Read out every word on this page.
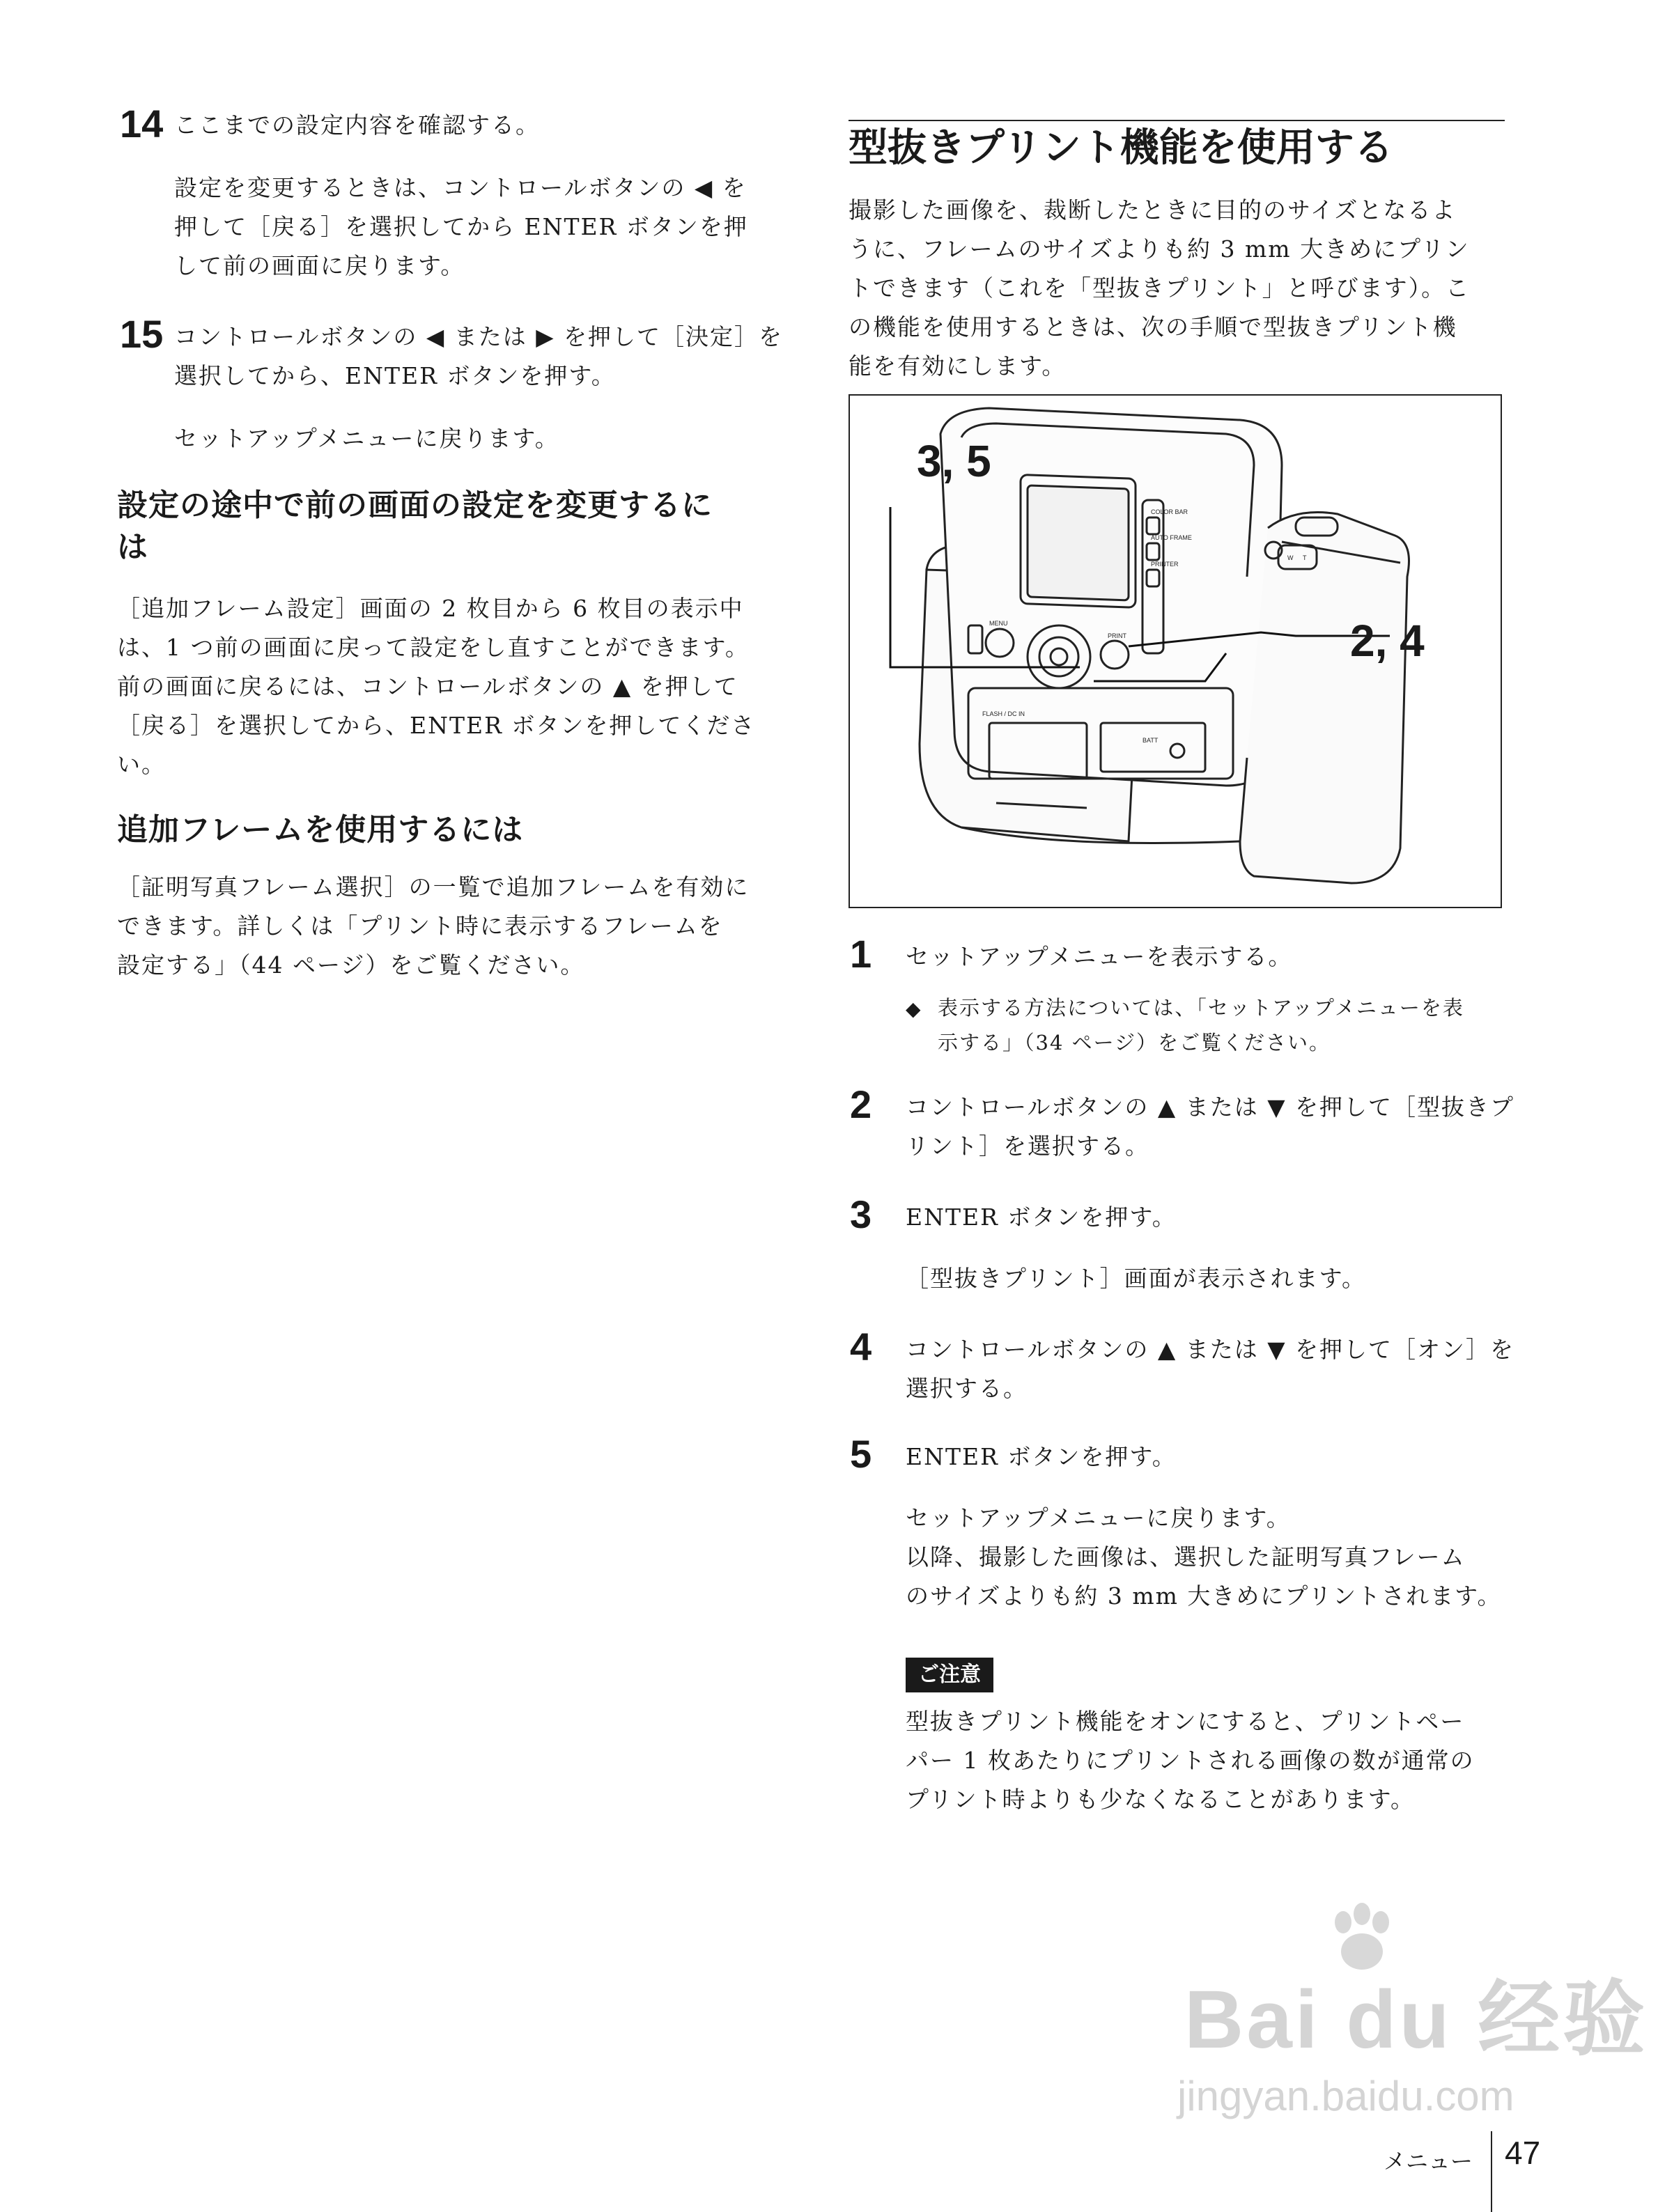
14 ここまでの設定内容を確認する。
設定を変更するときは、コントロールボタンの ◀ を
押して［戻る］を選択してから ENTER ボタンを押
して前の画面に戻ります。
15 コントロールボタンの ◀ または ▶ を押して［決定］を
選択してから、ENTER ボタンを押す。
セットアップメニューに戻ります。
設定の途中で前の画面の設定を変更するに
は
［追加フレーム設定］画面の 2 枚目から 6 枚目の表示中
は、1 つ前の画面に戻って設定をし直すことができます。
前の画面に戻るには、コントロールボタンの ▲ を押して
［戻る］を選択してから、ENTER ボタンを押してくださ
い。
追加フレームを使用するには
［証明写真フレーム選択］の一覧で追加フレームを有効に
できます。詳しくは「プリント時に表示するフレームを
設定する」（44 ページ）をご覧ください。
型抜きプリント機能を使用する
撮影した画像を、裁断したときに目的のサイズとなるよ
うに、フレームのサイズよりも約 3 mm 大きめにプリン
トできます（これを「型抜きプリント」と呼びます）。こ
の機能を使用するときは、次の手順で型抜きプリント機
能を有効にします。
MENU
COLOR BAR
AUTO FRAME
PRINTER
PRINT
FLASH / DC IN
BATT
W T
3, 5
2, 4
1 セットアップメニューを表示する。
◆ 表示する方法については、「セットアップメニューを表
示する」（34 ページ）をご覧ください。
2 コントロールボタンの ▲ または ▼ を押して［型抜きプ
リント］を選択する。
3 ENTER ボタンを押す。
［型抜きプリント］画面が表示されます。
4 コントロールボタンの ▲ または ▼ を押して［オン］を
選択する。
5 ENTER ボタンを押す。
セットアップメニューに戻ります。
以降、撮影した画像は、選択した証明写真フレーム
のサイズよりも約 3 mm 大きめにプリントされます。
ご注意
型抜きプリント機能をオンにすると、プリントペー
パー 1 枚あたりにプリントされる画像の数が通常の
プリント時よりも少なくなることがあります。
Bai du 经验
jingyan.baidu.com
メニュー 47
